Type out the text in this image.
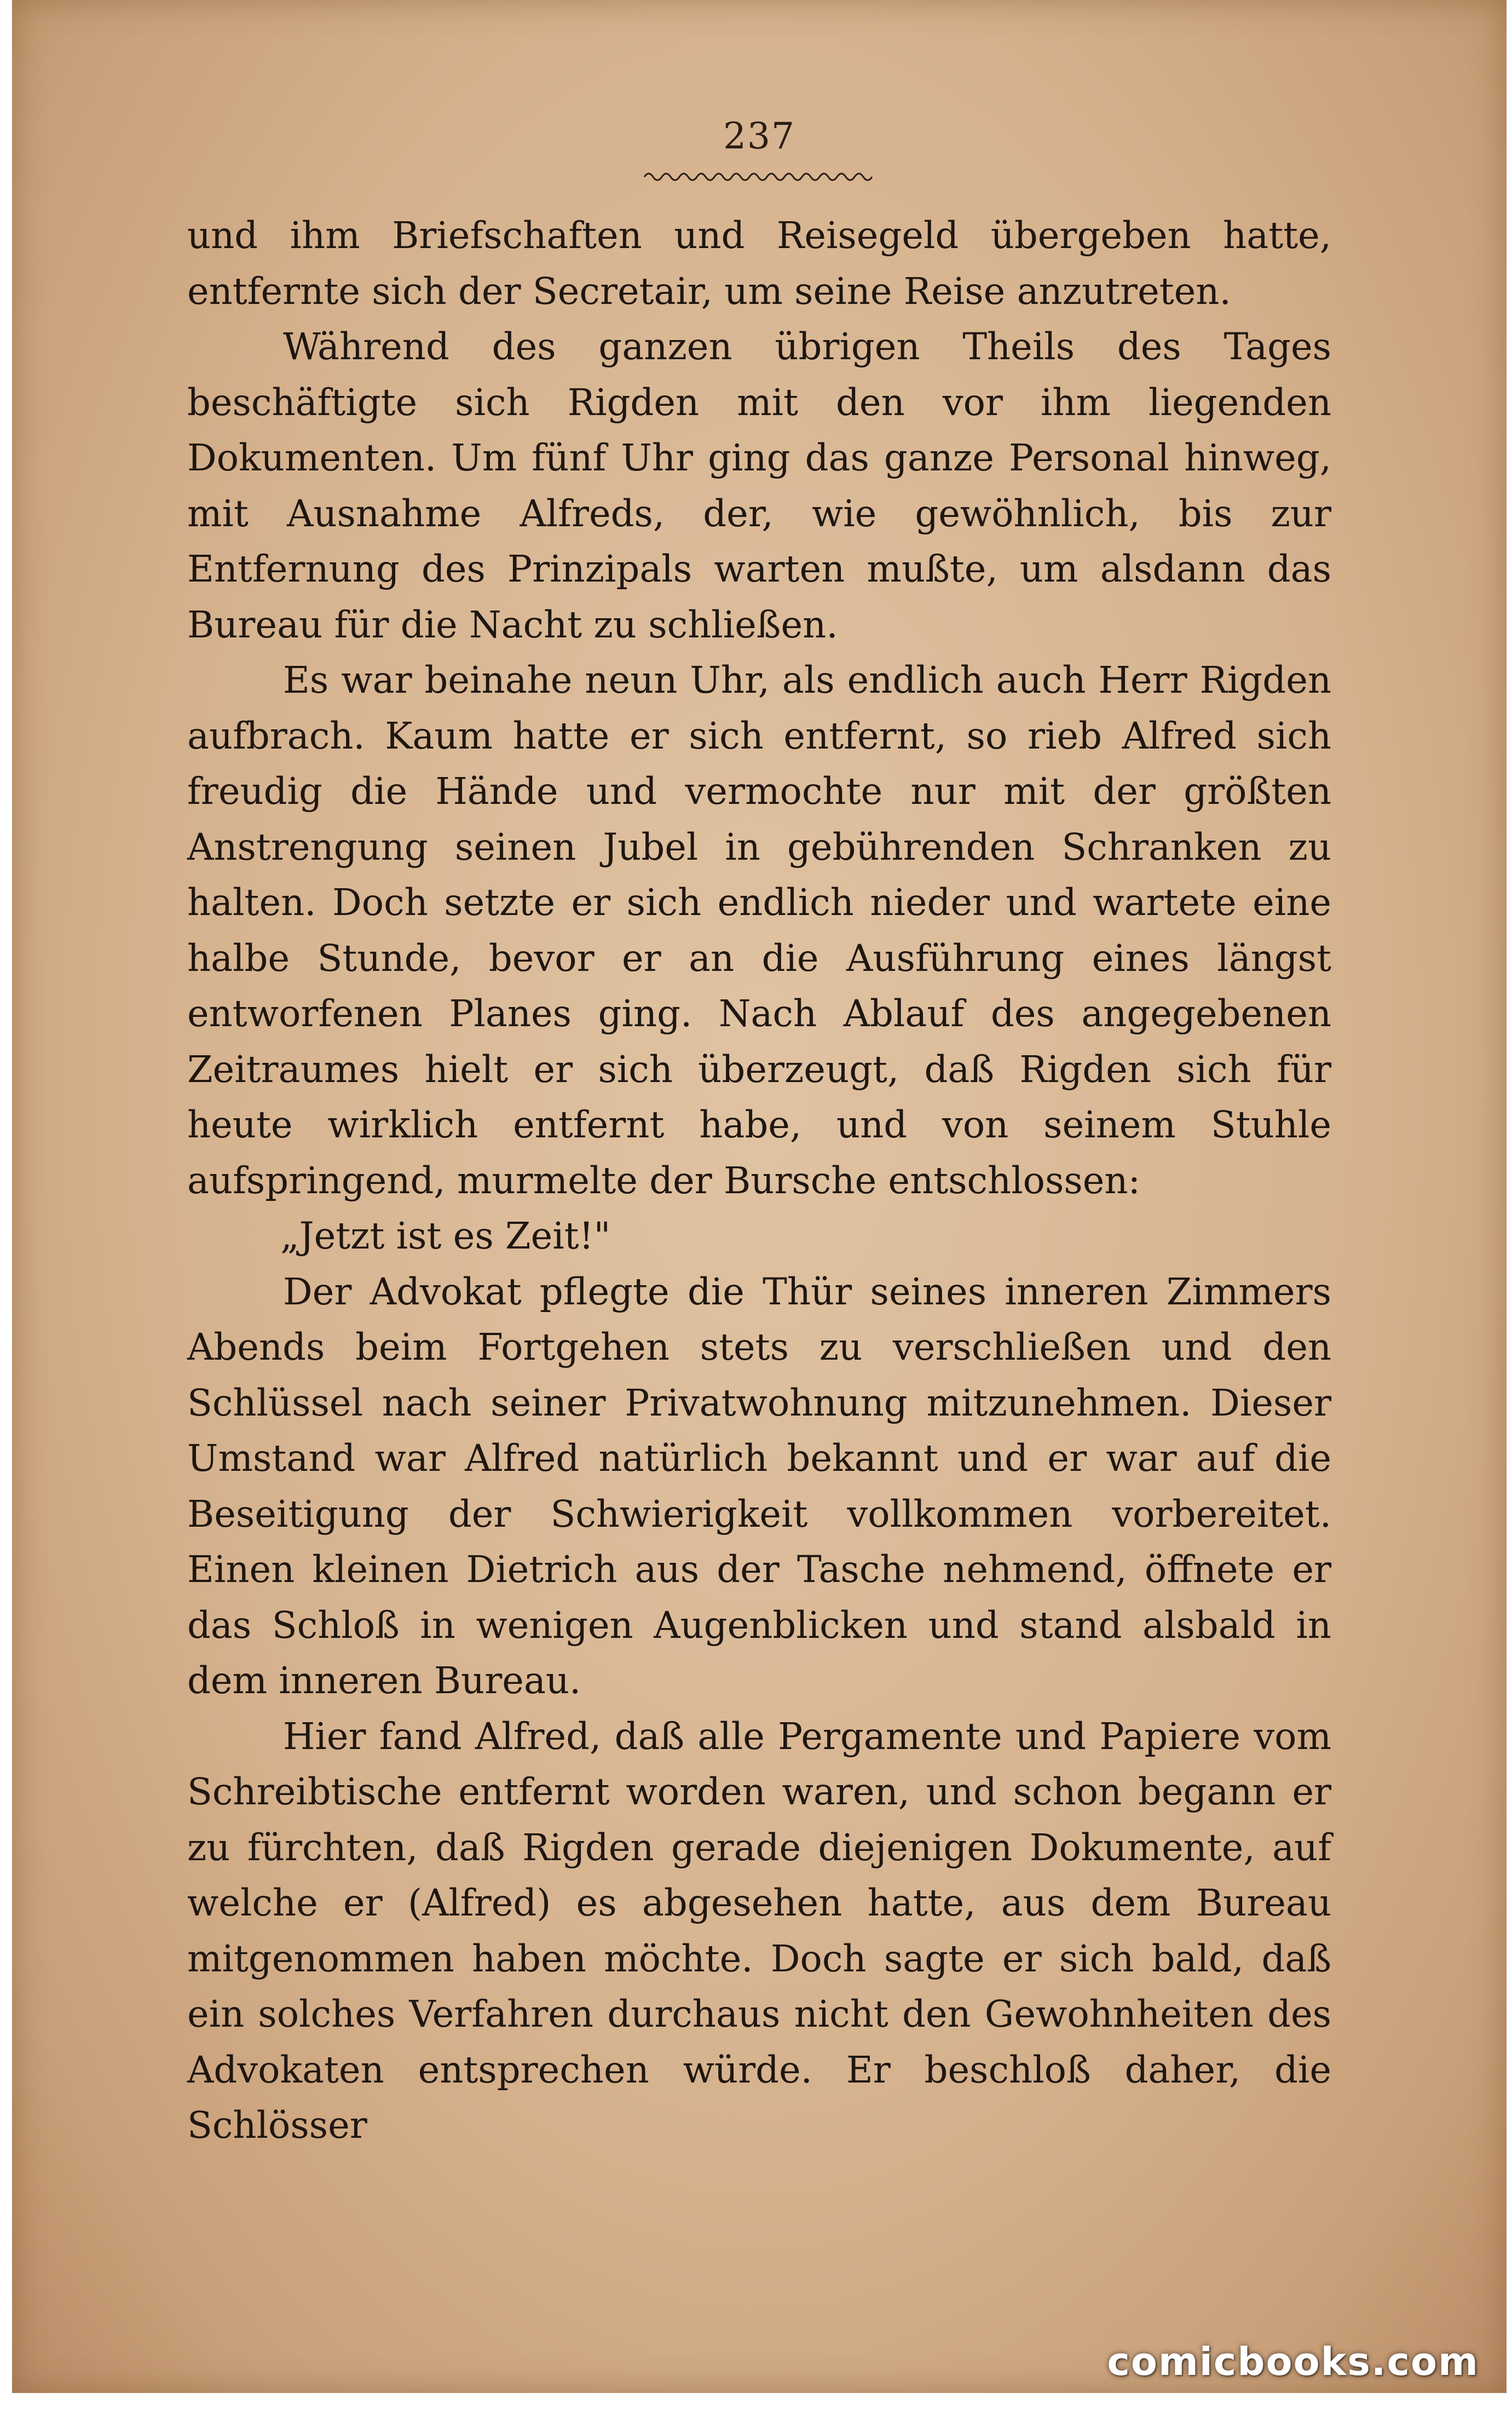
237

und ihm Briefschaften und Reisegeld übergeben hatte, entfernte sich der Secretair, um seine Reise anzutreten.

Während des ganzen übrigen Theils des Tages beschäftigte sich Rigden mit den vor ihm liegenden Dokumenten. Um fünf Uhr ging das ganze Personal hinweg, mit Ausnahme Alfreds, der, wie gewöhnlich, bis zur Entfernung des Prinzipals warten mußte, um alsdann das Bureau für die Nacht zu schließen.

Es war beinahe neun Uhr, als endlich auch Herr Rigden aufbrach. Kaum hatte er sich entfernt, so rieb Alfred sich freudig die Hände und vermochte nur mit der größten Anstrengung seinen Jubel in gebührenden Schranken zu halten. Doch setzte er sich endlich nieder und wartete eine halbe Stunde, bevor er an die Ausführung eines längst entworfenen Planes ging. Nach Ablauf des angegebenen Zeitraumes hielt er sich überzeugt, daß Rigden sich für heute wirklich entfernt habe, und von seinem Stuhle aufspringend, murmelte der Bursche entschlossen:

„Jetzt ist es Zeit!"

Der Advokat pflegte die Thür seines inneren Zimmers Abends beim Fortgehen stets zu verschließen und den Schlüssel nach seiner Privatwohnung mitzunehmen. Dieser Umstand war Alfred natürlich bekannt und er war auf die Beseitigung der Schwierigkeit vollkommen vorbereitet. Einen kleinen Dietrich aus der Tasche nehmend, öffnete er das Schloß in wenigen Augenblicken und stand alsbald in dem inneren Bureau.

Hier fand Alfred, daß alle Pergamente und Papiere vom Schreibtische entfernt worden waren, und schon begann er zu fürchten, daß Rigden gerade diejenigen Dokumente, auf welche er (Alfred) es abgesehen hatte, aus dem Bureau mitgenommen haben möchte. Doch sagte er sich bald, daß ein solches Verfahren durchaus nicht den Gewohnheiten des Advokaten entsprechen würde. Er beschloß daher, die Schlösser

comicbooks.com
